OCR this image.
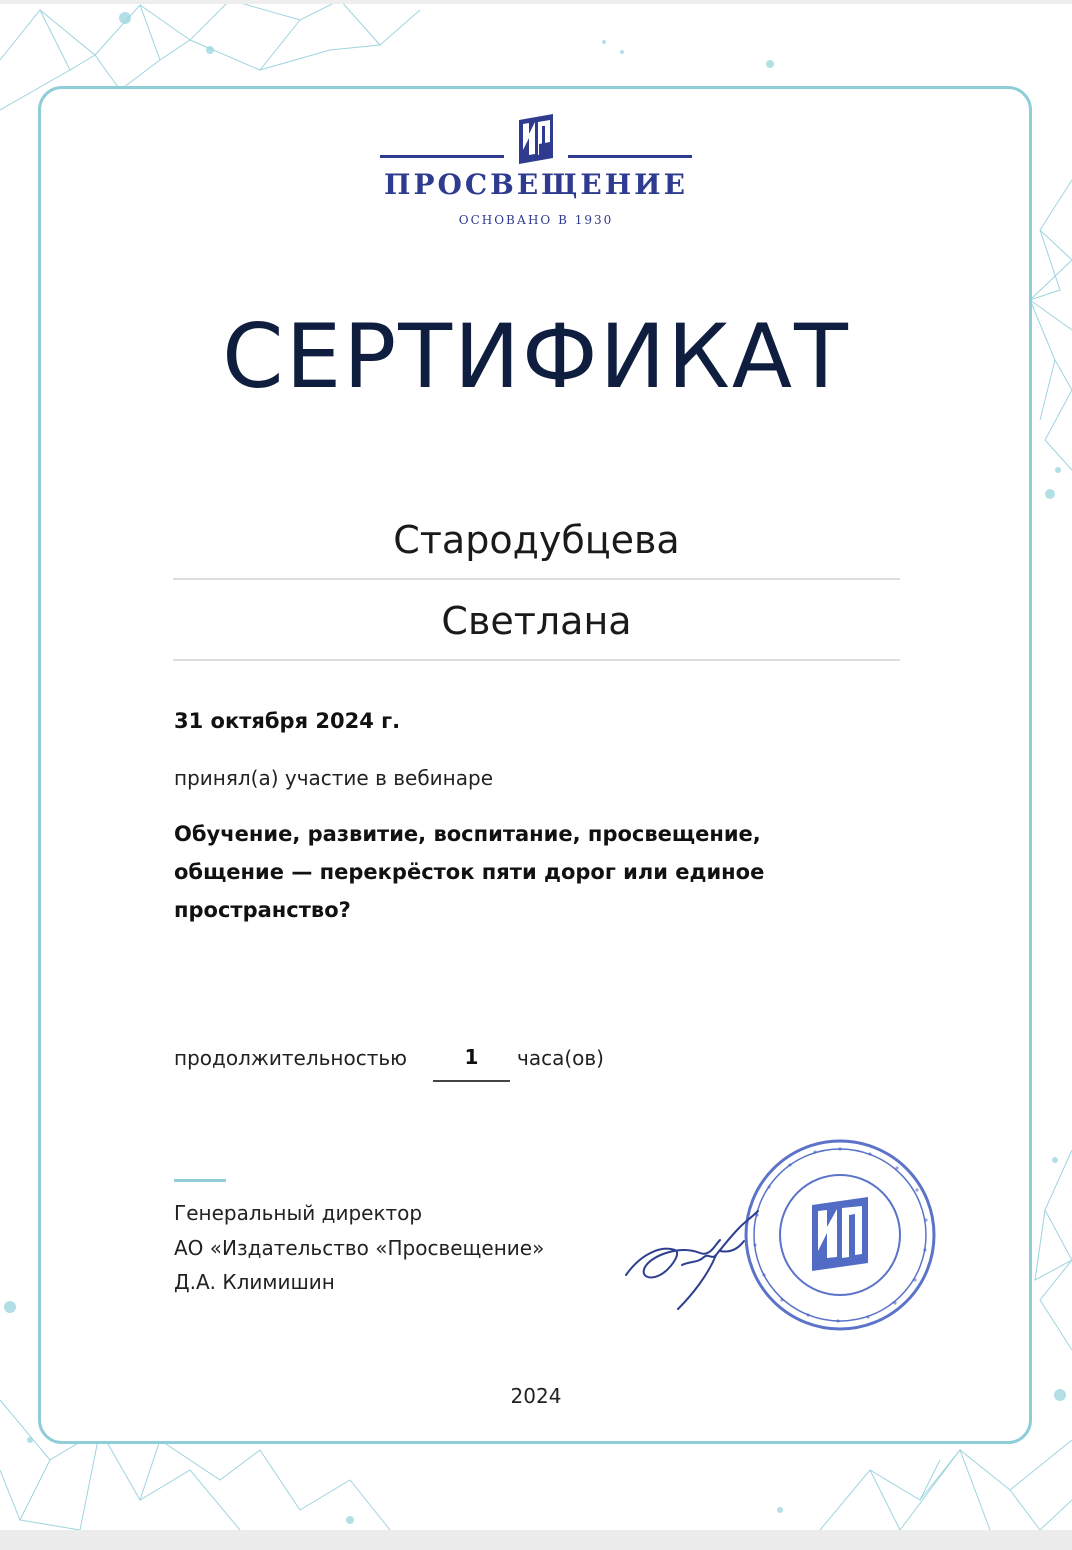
ПРОСВЕЩЕНИЕ
ОСНОВАНО В 1930
СЕРТИФИКАТ
Стародубцева
Светлана
31 октября 2024 г.
принял(а) участие в вебинаре
Обучение, развитие, воспитание, просвещение,
общение — перекрёсток пяти дорог или единое
пространство?
продолжительностью	1	часа(ов)
Генеральный директор
АО «Издательство «Просвещение»
Д.А. Климишин
2024
